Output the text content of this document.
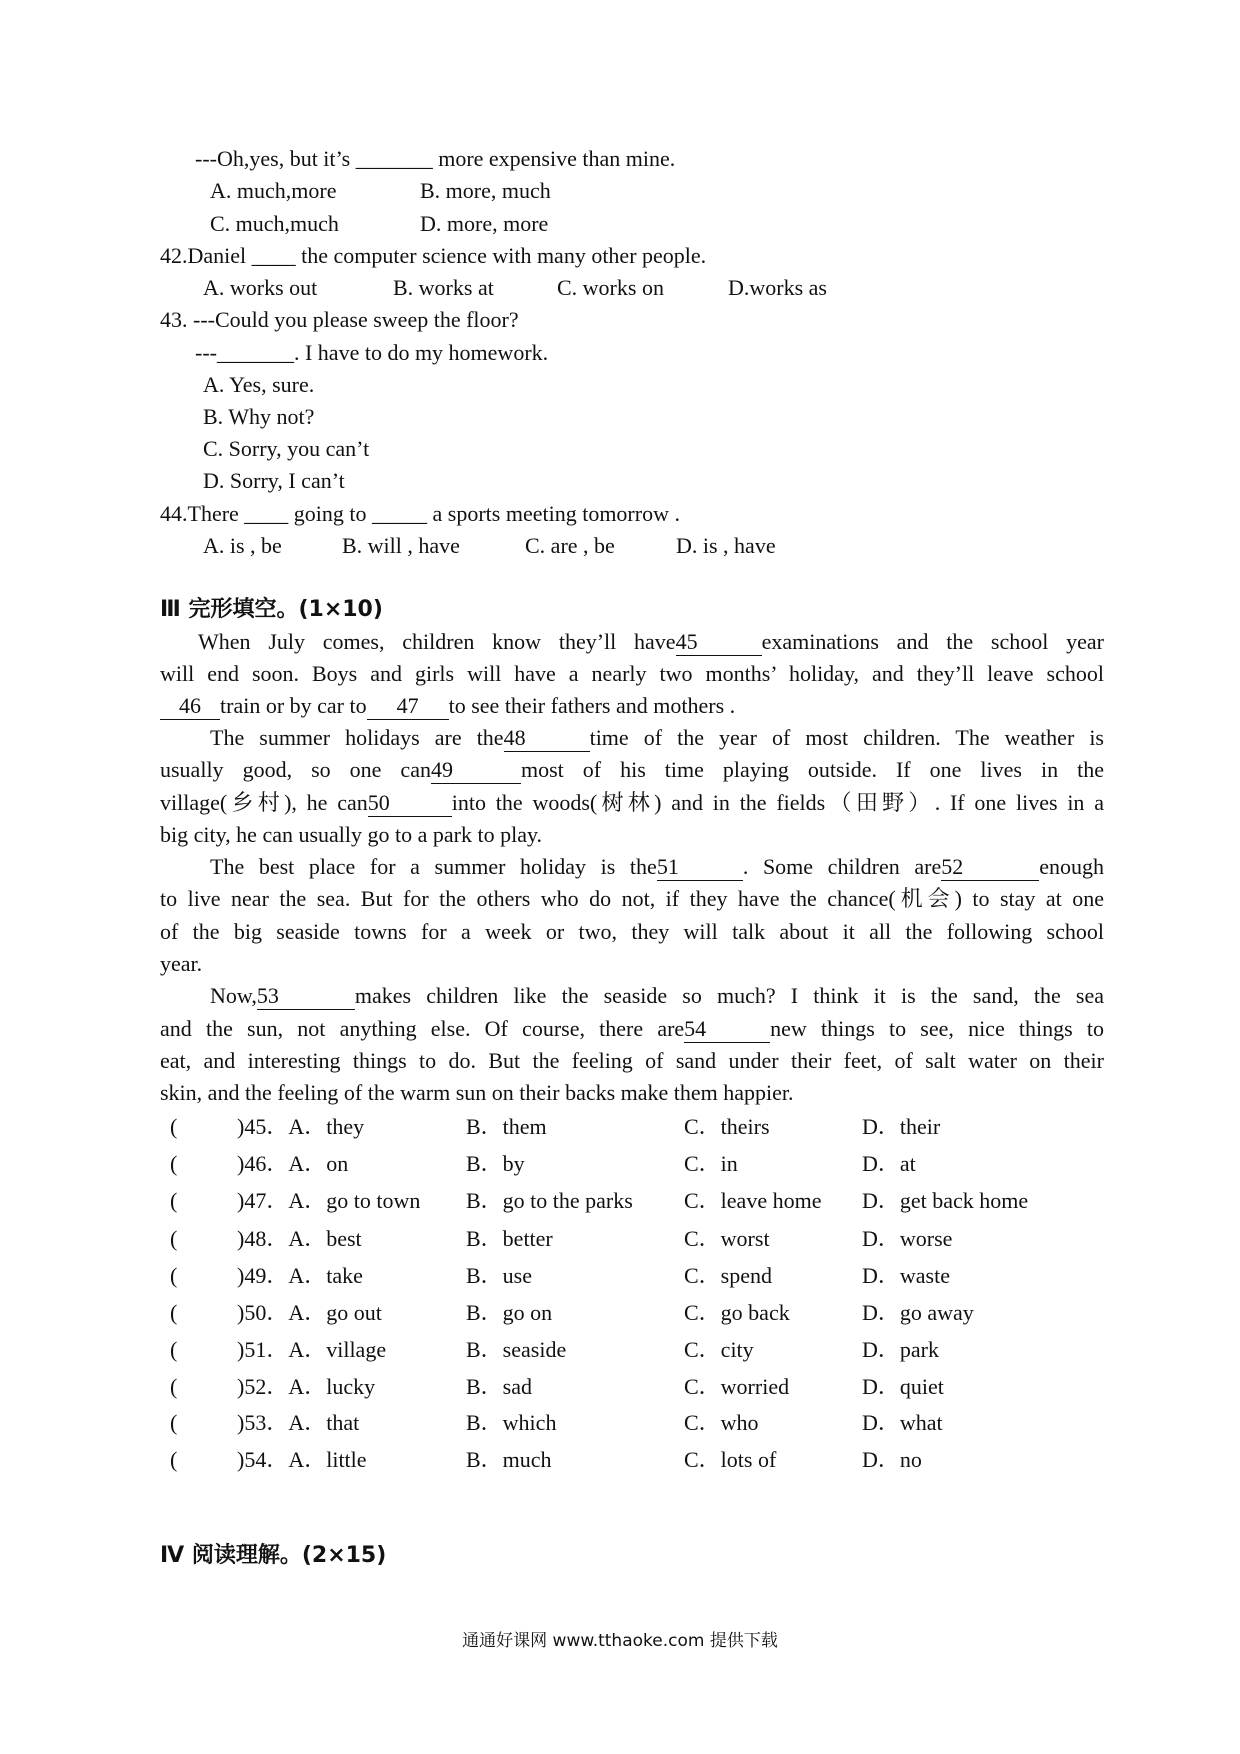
---Oh,yes, but it’s _______ more expensive than mine.
A. much,more	B. more, much
C. much,much	D. more, more
42.Daniel ____ the computer science with many other people.
A. works out	B. works at	C. works on	D.works as
43. ---Could you please sweep the floor?
---_______. I have to do my homework.
A. Yes, sure.
B. Why not?
C. Sorry, you can’t
D. Sorry, I can’t
44.There ____ going to _____ a sports meeting tomorrow .
A. is , be	B. will , have	C. are , be	D. is , have
Ⅲ 完形填空。(1×10)
When July comes, children know they’ll have45	examinations and the school year
will end soon. Boys and girls will have a nearly two months’ holiday, and they’ll leave school
46 train or by car to 47 to see their fathers and mothers .
The summer holidays are the48	time of the year of most children. The weather is
usually good, so one can49	most of his time playing outside. If one lives in the
village(乡村), he can50	into the woods(树林) and in the fields（田野）. If one lives in a
big city, he can usually go to a park to play.
The best place for a summer holiday is the51	. Some children are52	enough
to live near the sea. But for the others who do not, if they have the chance(机会) to stay at one
of the big seaside towns for a week or two, they will talk about it all the following school
year.
Now,53	makes children like the seaside so much? I think it is the sand, the sea
and the sun, not anything else. Of course, there are54	new things to see, nice things to
eat, and interesting things to do. But the feeling of sand under their feet, of salt water on their
skin, and the feeling of the warm sun on their backs make them happier.
(	)45．A．they	B．them	C．theirs	D．their
(	)46．A．on	B．by	C．in	D．at
(	)47．A．go to town B．go to the parks C．leave home D．get back home
(	)48．A．best	B．better	C．worst	D．worse
(	)49．A．take	B．use	C．spend	D．waste
(	)50．A．go out	B．go on	C．go back	D．go away
(	)51．A．village	B．seaside	C．city	D．park
(	)52．A．lucky	B．sad	C．worried	D．quiet
(	)53．A．that	B．which	C．who	D．what
(	)54．A．little	B．much	C．lots of	D．no
Ⅳ 阅读理解。(2×15)
通通好课网 www.tthaoke.com 提供下载
